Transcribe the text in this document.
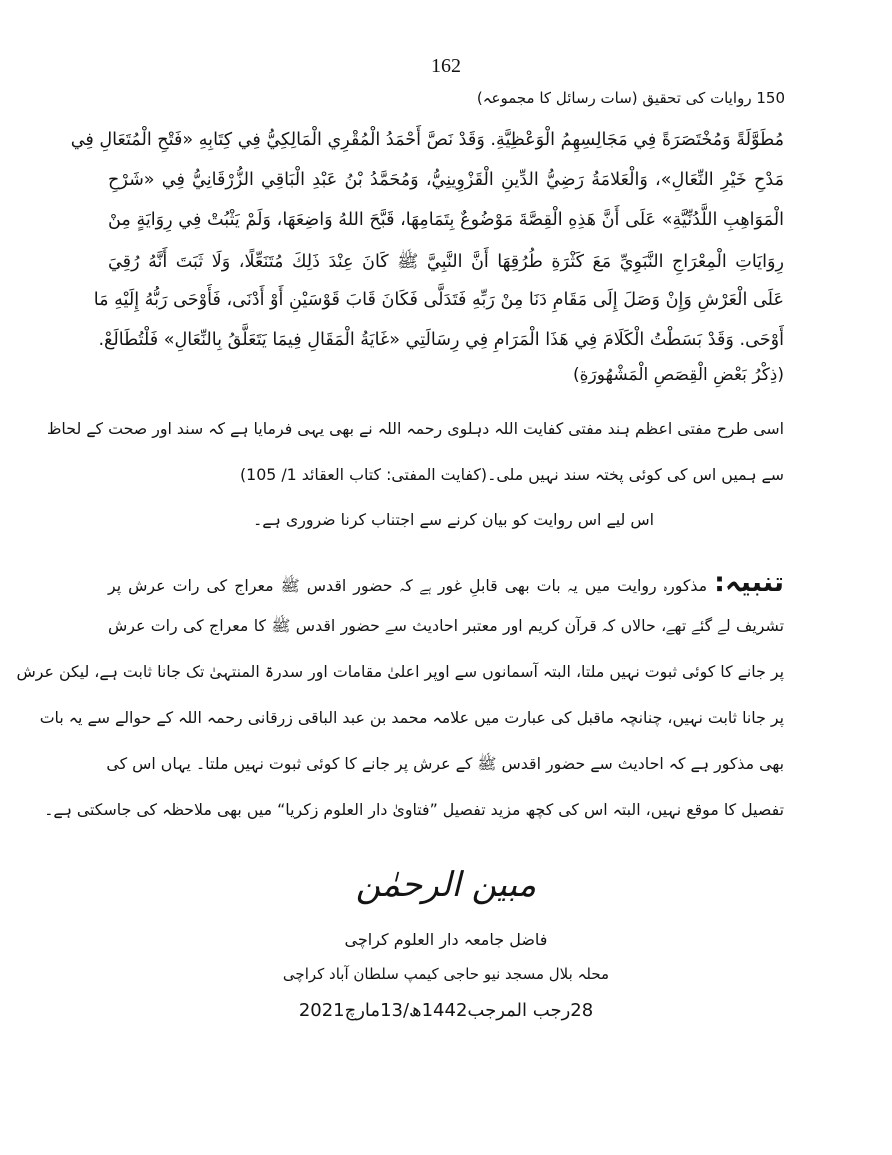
162
150 روایات کی تحقیق (سات رسائل کا مجموعہ)
مُطَوَّلَةً وَمُخْتَصَرَةً فِي مَجَالِسِهِمُ الْوَعْظِيَّةِ. وَقَدْ نَصَّ أَحْمَدُ الْمُقْرِي الْمَالِكِيُّ فِي كِتَابِهِ «فَتْحِ الْمُتَعَالِ فِي
مَدْحِ خَيْرِ النِّعَالِ»، وَالْعَلامَةُ رَضِيُّ الدِّينِ الْقَزْوِينِيُّ، وَمُحَمَّدُ بْنُ عَبْدِ الْبَاقِي الزُّرْقَانِيُّ فِي «شَرْحِ
الْمَوَاهِبِ اللَّدُنِّيَّةِ» عَلَى أَنَّ هَذِهِ الْقِصَّةَ مَوْضُوعٌ بِتَمَامِهَا، قَبَّحَ اللهُ وَاضِعَهَا، وَلَمْ يَثْبُتْ فِي رِوَايَةٍ مِنْ
رِوَايَاتِ الْمِعْرَاجِ النَّبَوِيِّ مَعَ كَثْرَةِ طُرُقِهَا أَنَّ النَّبِيَّ ﷺ كَانَ عِنْدَ ذَلِكَ مُتَنَعِّلًا، وَلَا ثَبَتَ أَنَّهُ رُقِيَ
عَلَى الْعَرْشِ وَإِنْ وَصَلَ إِلَى مَقَامِ دَنَا مِنْ رَبِّهِ فَتَدَلَّى فَكَانَ قَابَ قَوْسَيْنِ أَوْ أَدْنَى، فَأَوْحَى رَبُّهُ إِلَيْهِ مَا
أَوْحَى. وَقَدْ بَسَطْتُ الْكَلَامَ فِي هَذَا الْمَرَامِ فِي رِسَالَتِي «غَايَةُ الْمَقَالِ فِيمَا يَتَعَلَّقُ بِالنِّعَالِ» فَلْتُطَالَعْ.
(ذِكْرُ بَعْضِ الْقِصَصِ الْمَشْهُورَةِ)
اسی طرح مفتی اعظم ہند مفتی کفایت اللہ دہلوی رحمہ اللہ نے بھی یہی فرمایا ہے کہ سند اور صحت کے لحاظ
سے ہمیں اس کی کوئی پختہ سند نہیں ملی۔(کفایت المفتی: کتاب العقائد 1/ 105)
اس لیے اس روایت کو بیان کرنے سے اجتناب کرنا ضروری ہے۔
تنبیہ: مذکورہ روایت میں یہ بات بھی قابلِ غور ہے کہ حضور اقدس ﷺ معراج کی رات عرش پر
تشریف لے گئے تھے، حالاں کہ قرآن کریم اور معتبر احادیث سے حضور اقدس ﷺ کا معراج کی رات عرش
پر جانے کا کوئی ثبوت نہیں ملتا، البتہ آسمانوں سے اوپر اعلیٰ مقامات اور سدرۃ المنتہیٰ تک جانا ثابت ہے، لیکن عرش
پر جانا ثابت نہیں، چنانچہ ماقبل کی عبارت میں علامہ محمد بن عبد الباقی زرقانی رحمہ اللہ کے حوالے سے یہ بات
بھی مذکور ہے کہ احادیث سے حضور اقدس ﷺ کے عرش پر جانے کا کوئی ثبوت نہیں ملتا۔ یہاں اس کی
تفصیل کا موقع نہیں، البتہ اس کی کچھ مزید تفصیل ”فتاویٰ دار العلوم زکریا“ میں بھی ملاحظہ کی جاسکتی ہے۔
مبین الرحمٰن
فاضل جامعہ دار العلوم کراچی
محلہ بلال مسجد نیو حاجی کیمپ سلطان آباد کراچی
28رجب المرجب1442ھ/13مارچ2021
